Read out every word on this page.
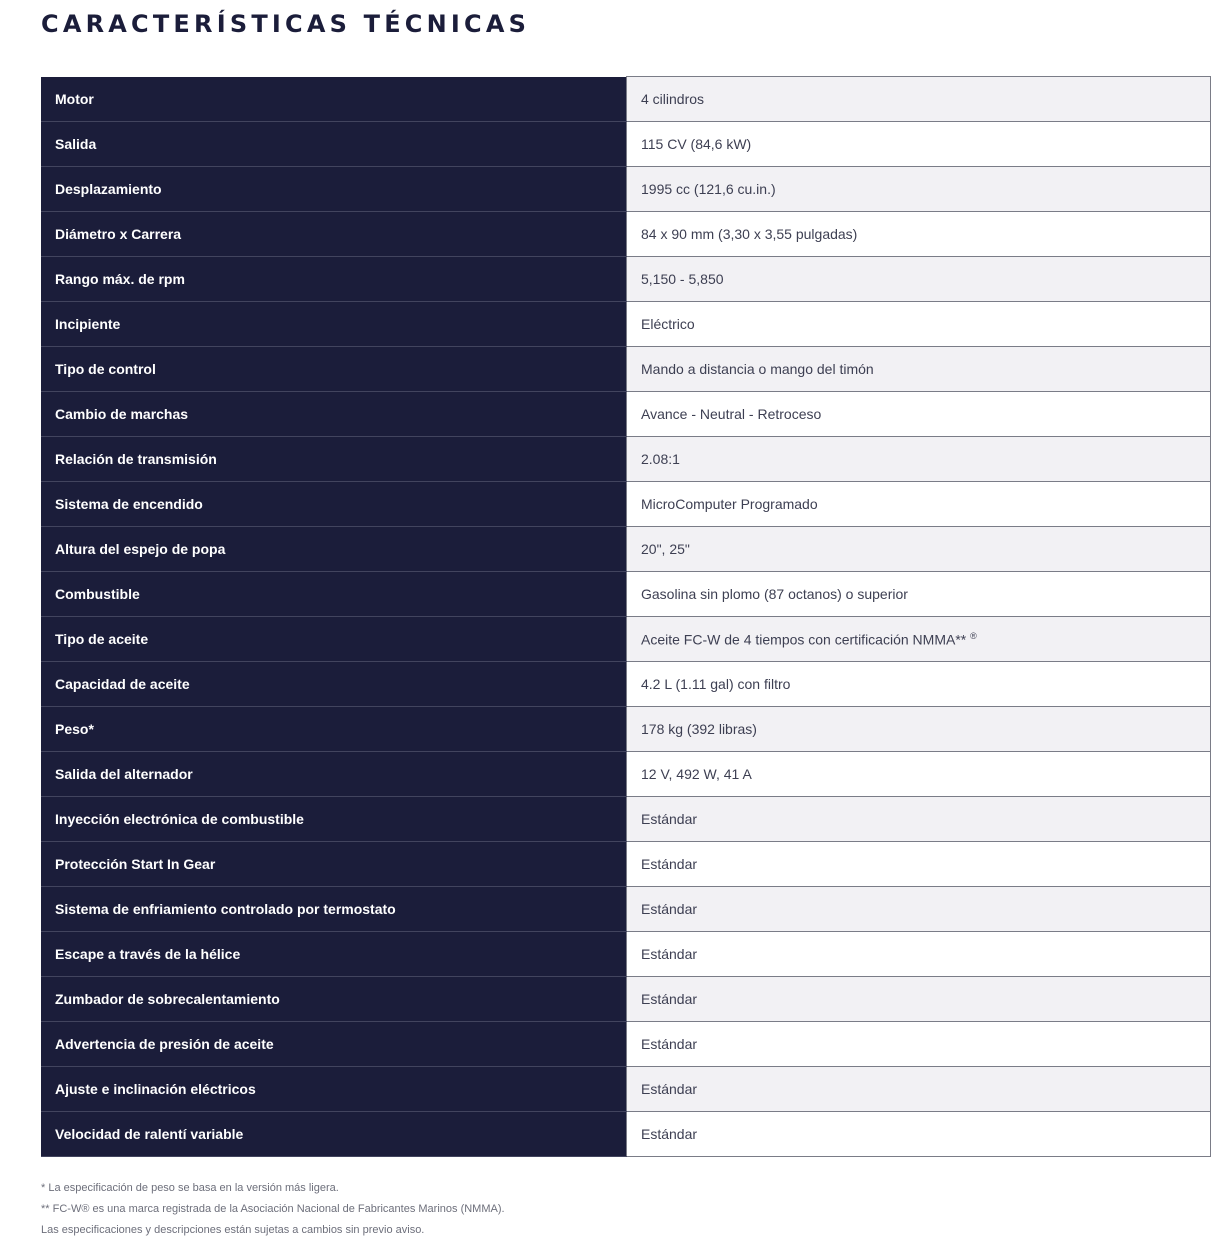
CARACTERÍSTICAS TÉCNICAS
Motor	4 cilindros
Salida	115 CV (84,6 kW)
Desplazamiento	1995 cc (121,6 cu.in.)
Diámetro x Carrera	84 x 90 mm (3,30 x 3,55 pulgadas)
Rango máx. de rpm	5,150 - 5,850
Incipiente	Eléctrico
Tipo de control	Mando a distancia o mango del timón
Cambio de marchas	Avance - Neutral - Retroceso
Relación de transmisión	2.08:1
Sistema de encendido	MicroComputer Programado
Altura del espejo de popa	20", 25"
Combustible	Gasolina sin plomo (87 octanos) o superior
Tipo de aceite	Aceite FC-W de 4 tiempos con certificación NMMA** ®
Capacidad de aceite	4.2 L (1.11 gal) con filtro
Peso*	178 kg (392 libras)
Salida del alternador	12 V, 492 W, 41 A
Inyección electrónica de combustible	Estándar
Protección Start In Gear	Estándar
Sistema de enfriamiento controlado por termostato	Estándar
Escape a través de la hélice	Estándar
Zumbador de sobrecalentamiento	Estándar
Advertencia de presión de aceite	Estándar
Ajuste e inclinación eléctricos	Estándar
Velocidad de ralentí variable	Estándar
* La especificación de peso se basa en la versión más ligera.
** FC-W® es una marca registrada de la Asociación Nacional de Fabricantes Marinos (NMMA).
Las especificaciones y descripciones están sujetas a cambios sin previo aviso.
